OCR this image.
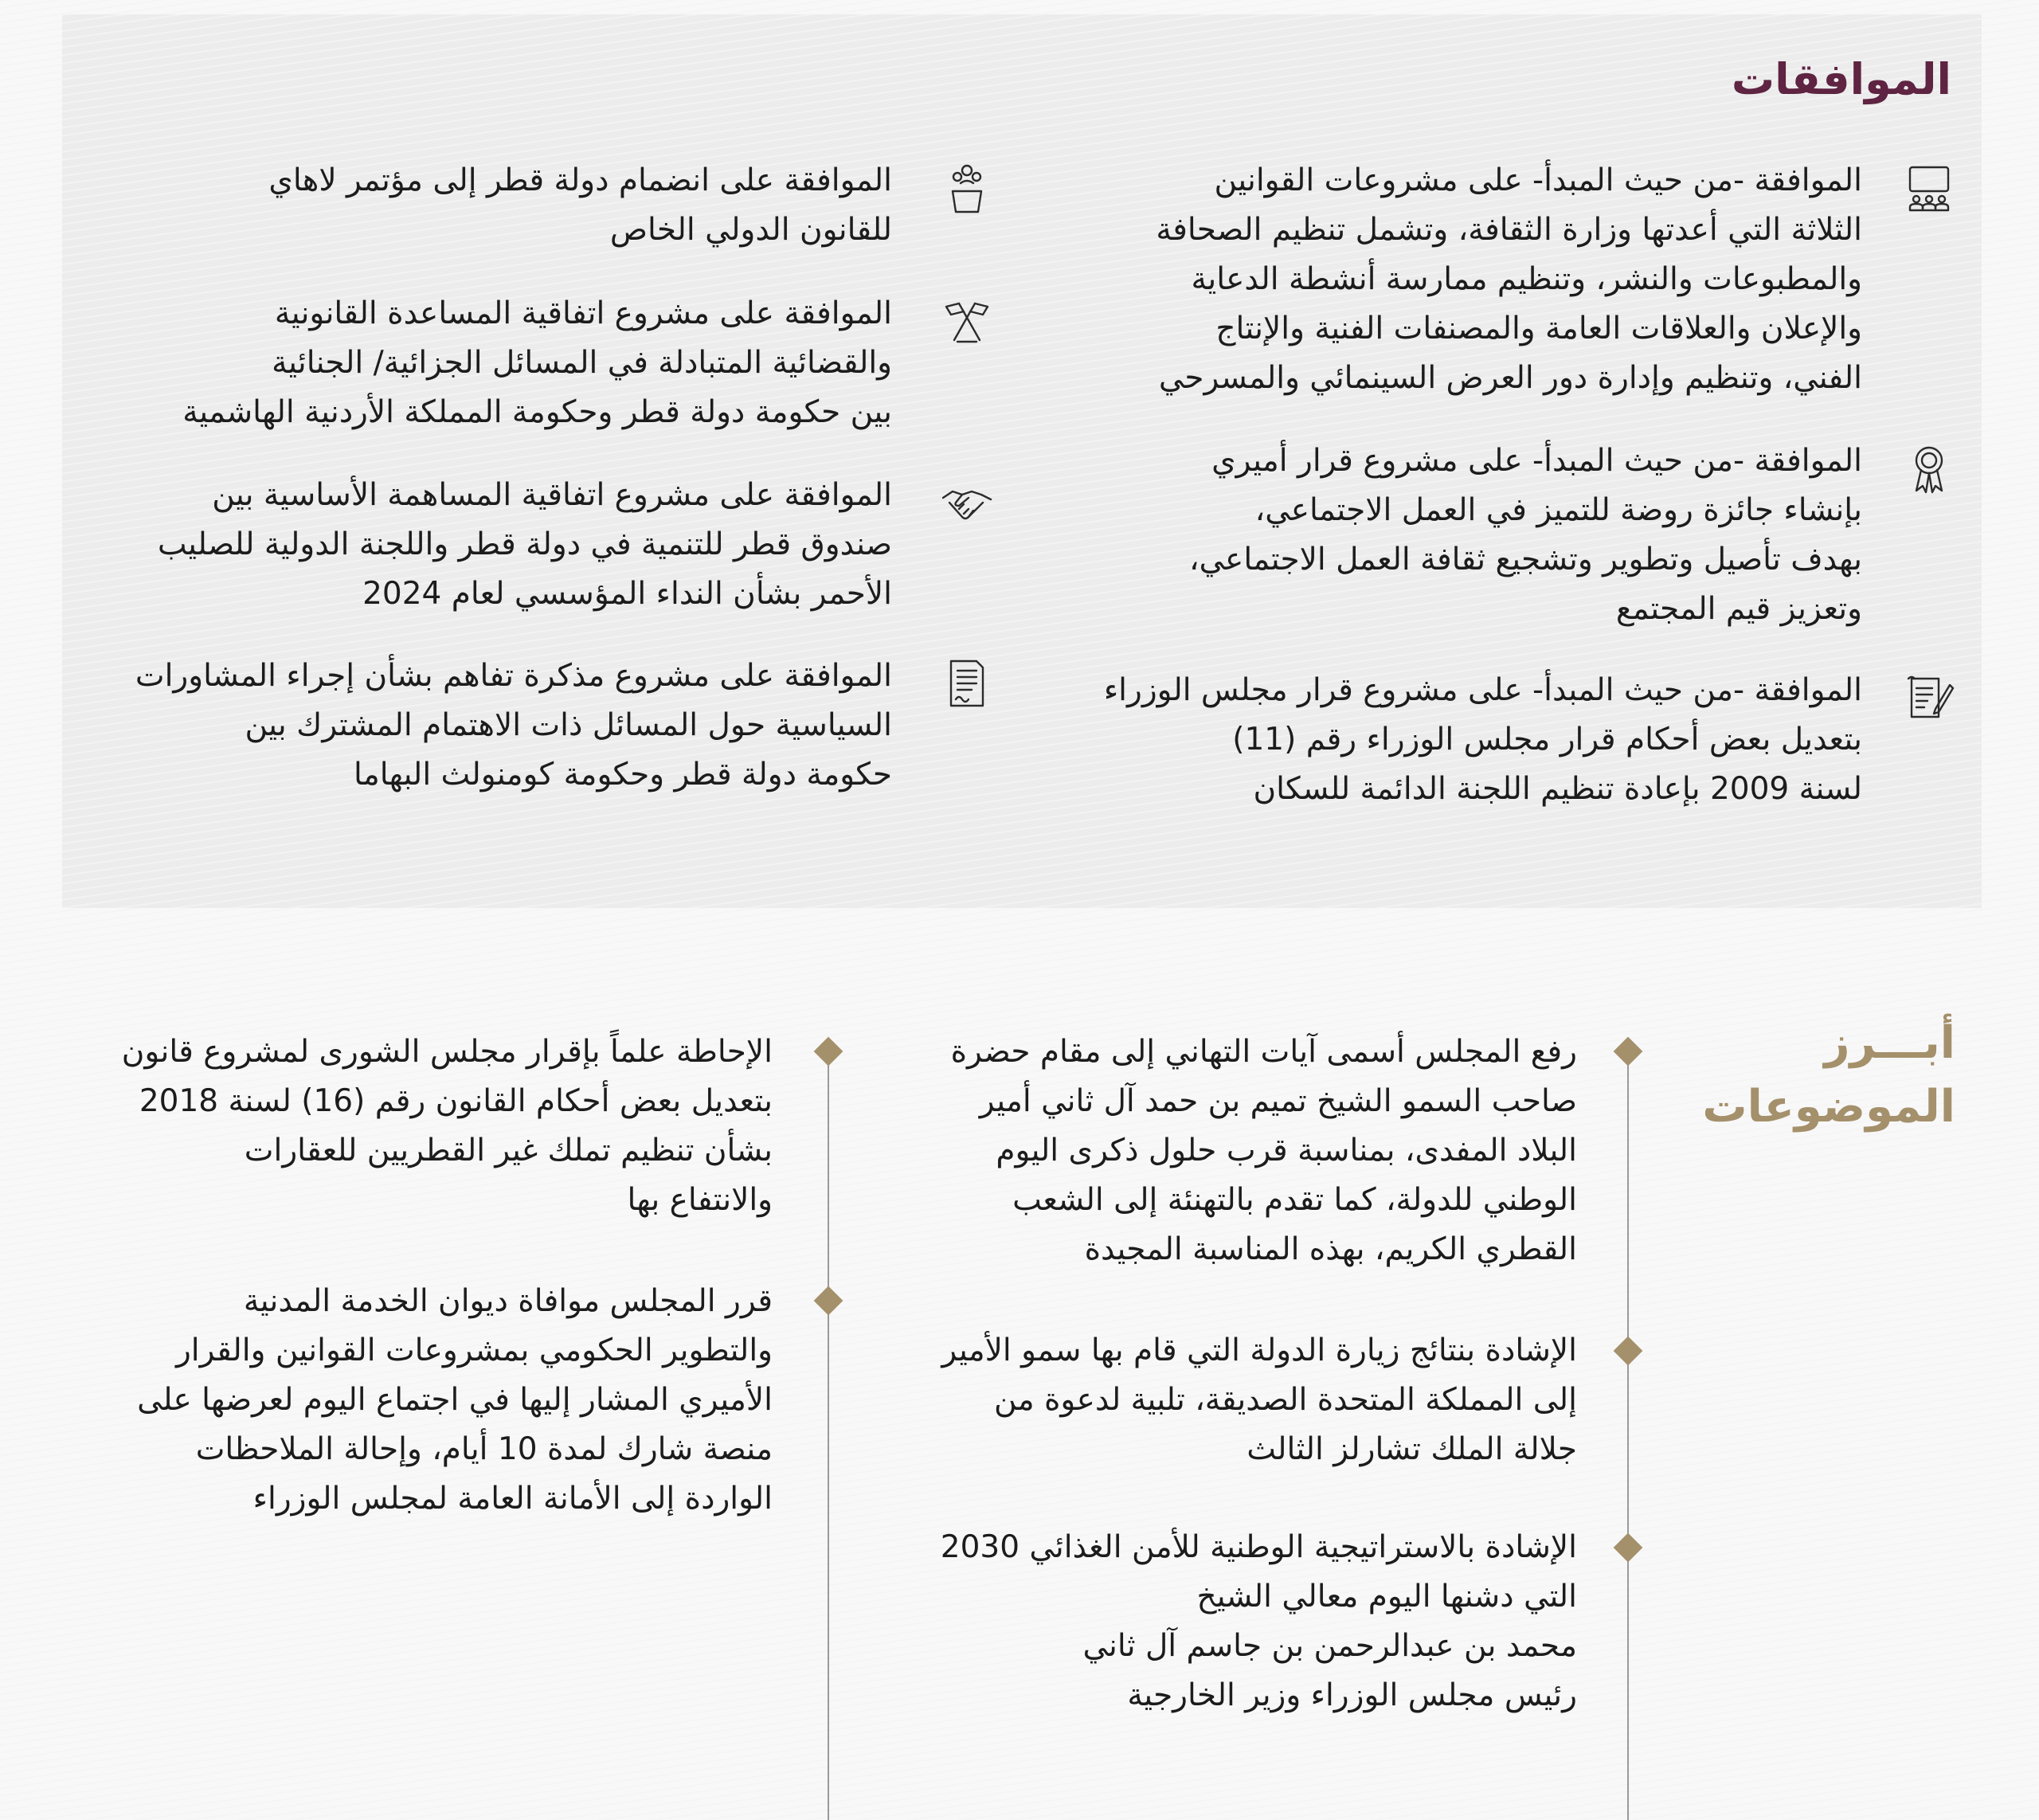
الموافقات
الموافقة -من حيث المبدأ- على مشروعات القوانين
الثلاثة التي أعدتها وزارة الثقافة، وتشمل تنظيم الصحافة
والمطبوعات والنشر، وتنظيم ممارسة أنشطة الدعاية
والإعلان والعلاقات العامة والمصنفات الفنية والإنتاج
الفني، وتنظيم وإدارة دور العرض السينمائي والمسرحي
الموافقة -من حيث المبدأ- على مشروع قرار أميري
بإنشاء جائزة روضة للتميز في العمل الاجتماعي،
بهدف تأصيل وتطوير وتشجيع ثقافة العمل الاجتماعي،
وتعزيز قيم المجتمع
الموافقة -من حيث المبدأ- على مشروع قرار مجلس الوزراء
بتعديل بعض أحكام قرار مجلس الوزراء رقم (11)
لسنة 2009 بإعادة تنظيم اللجنة الدائمة للسكان
الموافقة على انضمام دولة قطر إلى مؤتمر لاهاي
للقانون الدولي الخاص
الموافقة على مشروع اتفاقية المساعدة القانونية
والقضائية المتبادلة في المسائل الجزائية/ الجنائية
بين حكومة دولة قطر وحكومة المملكة الأردنية الهاشمية
الموافقة على مشروع اتفاقية المساهمة الأساسية بين
صندوق قطر للتنمية في دولة قطر واللجنة الدولية للصليب
الأحمر بشأن النداء المؤسسي لعام 2024
الموافقة على مشروع مذكرة تفاهم بشأن إجراء المشاورات
السياسية حول المسائل ذات الاهتمام المشترك بين
حكومة دولة قطر وحكومة كومنولث البهاما
أبـــرز
الموضوعات
رفع المجلس أسمى آيات التهاني إلى مقام حضرة
صاحب السمو الشيخ تميم بن حمد آل ثاني أمير
البلاد المفدى، بمناسبة قرب حلول ذكرى اليوم
الوطني للدولة، كما تقدم بالتهنئة إلى الشعب
القطري الكريم، بهذه المناسبة المجيدة
الإشادة بنتائج زيارة الدولة التي قام بها سمو الأمير
إلى المملكة المتحدة الصديقة، تلبية لدعوة من
جلالة الملك تشارلز الثالث
الإشادة بالاستراتيجية الوطنية للأمن الغذائي 2030
التي دشنها اليوم معالي الشيخ
محمد بن عبدالرحمن بن جاسم آل ثاني
رئيس مجلس الوزراء وزير الخارجية
الإحاطة علماً بإقرار مجلس الشورى لمشروع قانون
بتعديل بعض أحكام القانون رقم (16) لسنة 2018
بشأن تنظيم تملك غير القطريين للعقارات
والانتفاع بها
قرر المجلس موافاة ديوان الخدمة المدنية
والتطوير الحكومي بمشروعات القوانين والقرار
الأميري المشار إليها في اجتماع اليوم لعرضها على
منصة شارك لمدة 10 أيام، وإحالة الملاحظات
الواردة إلى الأمانة العامة لمجلس الوزراء
